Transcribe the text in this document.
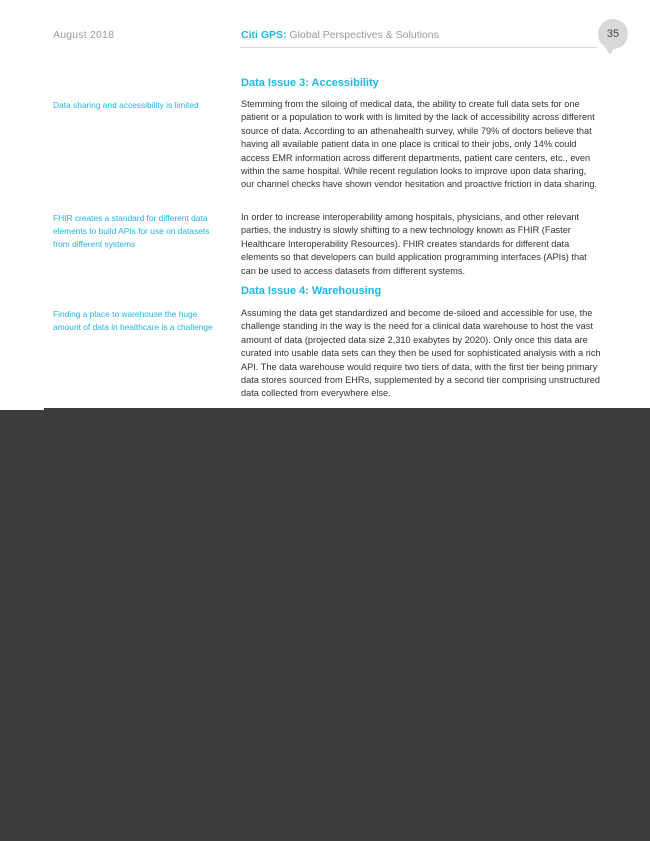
August 2018	Citi GPS: Global Perspectives & Solutions	35
Data Issue 3: Accessibility
Data sharing and accessibility is limited	Stemming from the siloing of medical data, the ability to create full data sets for one patient or a population to work with is limited by the lack of accessibility across different source of data. According to an athenahealth survey, while 79% of doctors believe that having all available patient data in one place is critical to their jobs, only 14% could access EMR information across different departments, patient care centers, etc., even within the same hospital. While recent regulation looks to improve upon data sharing, our channel checks have shown vendor hesitation and proactive friction in data sharing.
FHIR creates a standard for different data elements to build APIs for use on datasets from different systems
In order to increase interoperability among hospitals, physicians, and other relevant parties, the industry is slowly shifting to a new technology known as FHIR (Faster Healthcare Interoperability Resources). FHIR creates standards for different data elements so that developers can build application programming interfaces (APIs) that can be used to access datasets from different systems.
Data Issue 4: Warehousing
Finding a place to warehouse the huge amount of data in healthcare is a challenge
Assuming the data get standardized and become de-siloed and accessible for use, the challenge standing in the way is the need for a clinical data warehouse to host the vast amount of data (projected data size 2,310 exabytes by 2020). Only once this data are curated into usable data sets can they then be used for sophisticated analysis with a rich API. The data warehouse would require two tiers of data, with the first tier being primary data stores sourced from EHRs, supplemented by a second tier comprising unstructured data collected from everywhere else.
